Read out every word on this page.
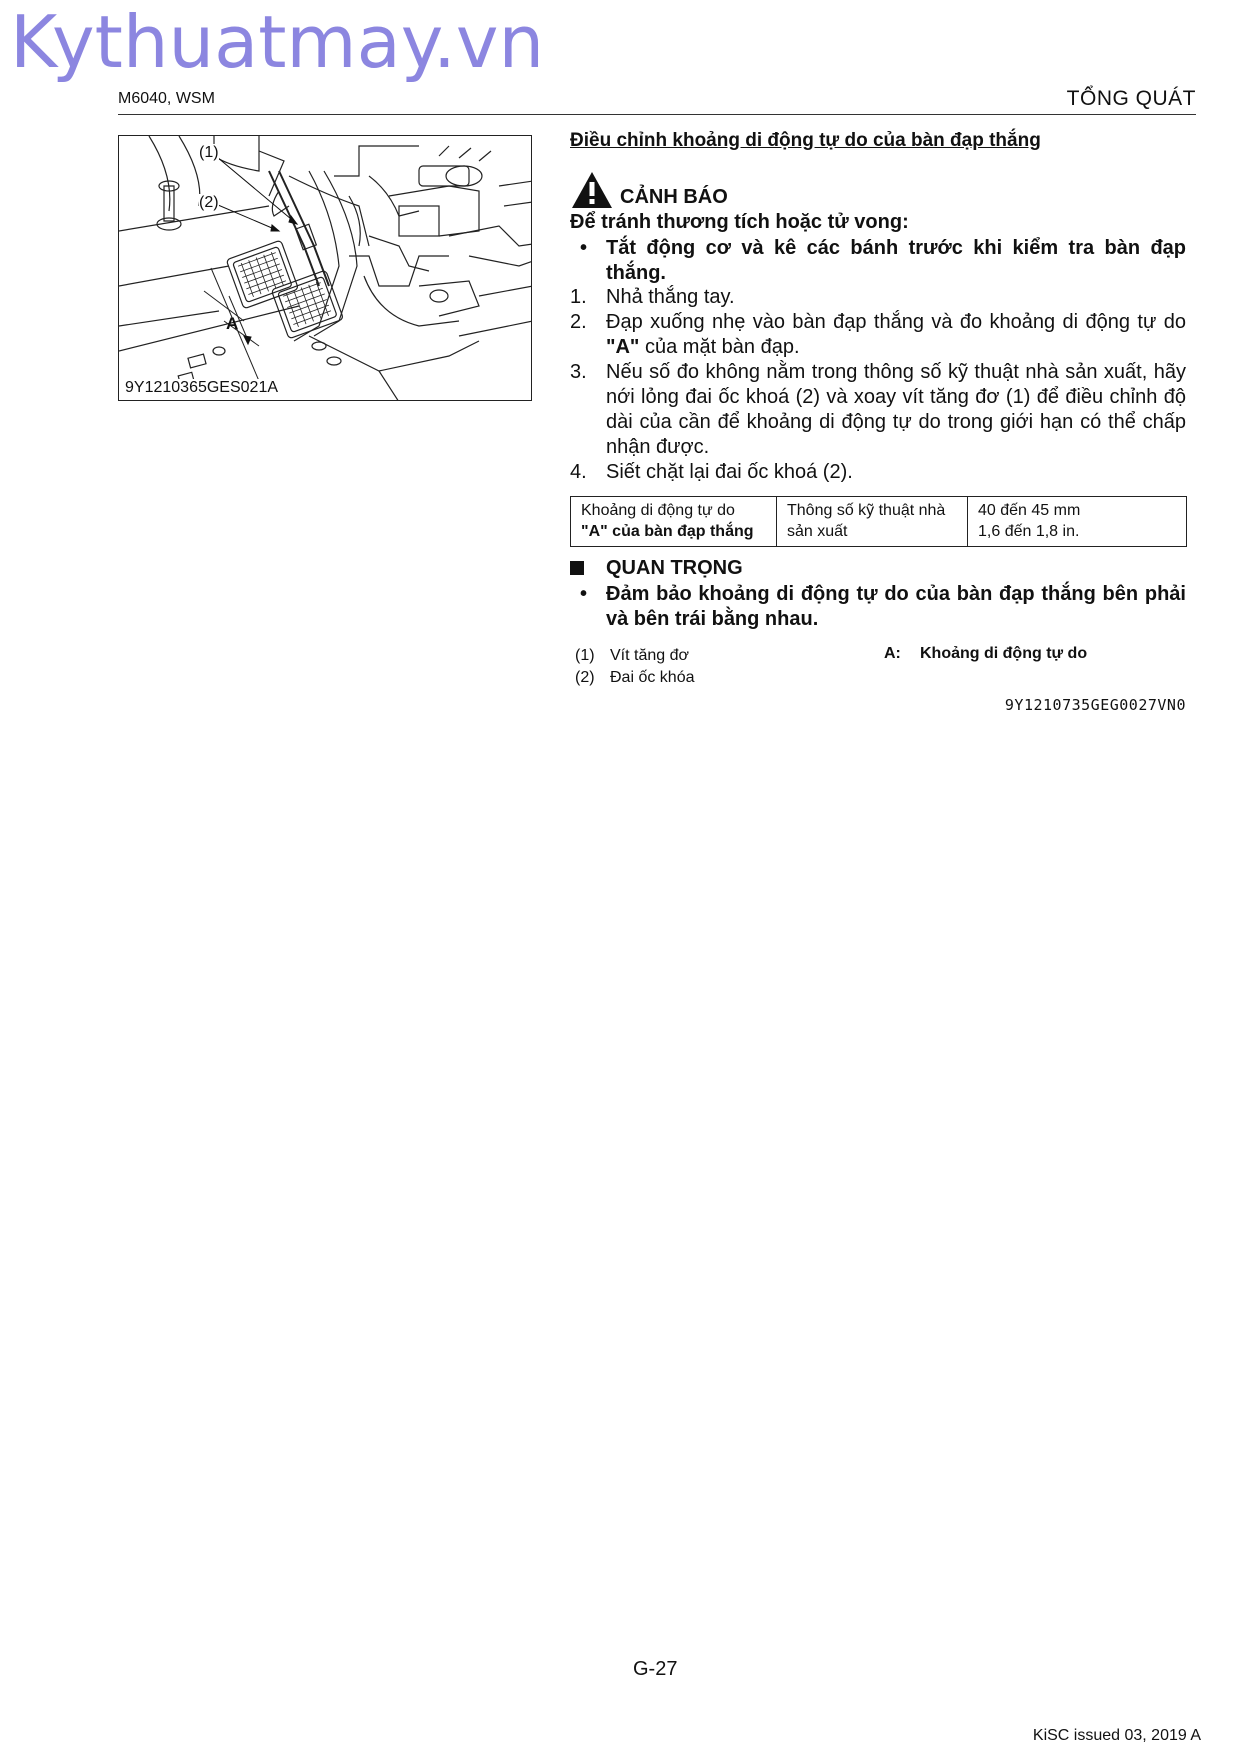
Kythuatmay.vn
M6040, WSM	TỔNG QUÁT
(1)
(2)
A
9Y1210365GES021A
Điều chỉnh khoảng di động tự do của bàn đạp thắng
CẢNH BÁO
Để tránh thương tích hoặc tử vong:
• Tắt động cơ và kê các bánh trước khi kiểm tra bàn đạp thắng.
1. Nhả thắng tay.
2. Đạp xuống nhẹ vào bàn đạp thắng và đo khoảng di động tự do "A" của mặt bàn đạp.
3. Nếu số đo không nằm trong thông số kỹ thuật nhà sản xuất, hãy nới lỏng đai ốc khoá (2) và xoay vít tăng đơ (1) để điều chỉnh độ dài của cần để khoảng di động tự do trong giới hạn có thể chấp nhận được.
4. Siết chặt lại đai ốc khoá (2).
Khoảng di động tự do
"A" của bàn đạp thắng

Thông số kỹ thuật nhà
sản xuất

40 đến 45 mm
1,6 đến 1,8 in.
QUAN TRỌNG
• Đảm bảo khoảng di động tự do của bàn đạp thắng bên phải và bên trái bằng nhau.
(1) Vít tăng đơ
(2) Đai ốc khóa
A: Khoảng di động tự do
9Y1210735GEG0027VN0
G-27
KiSC issued 03, 2019 A
